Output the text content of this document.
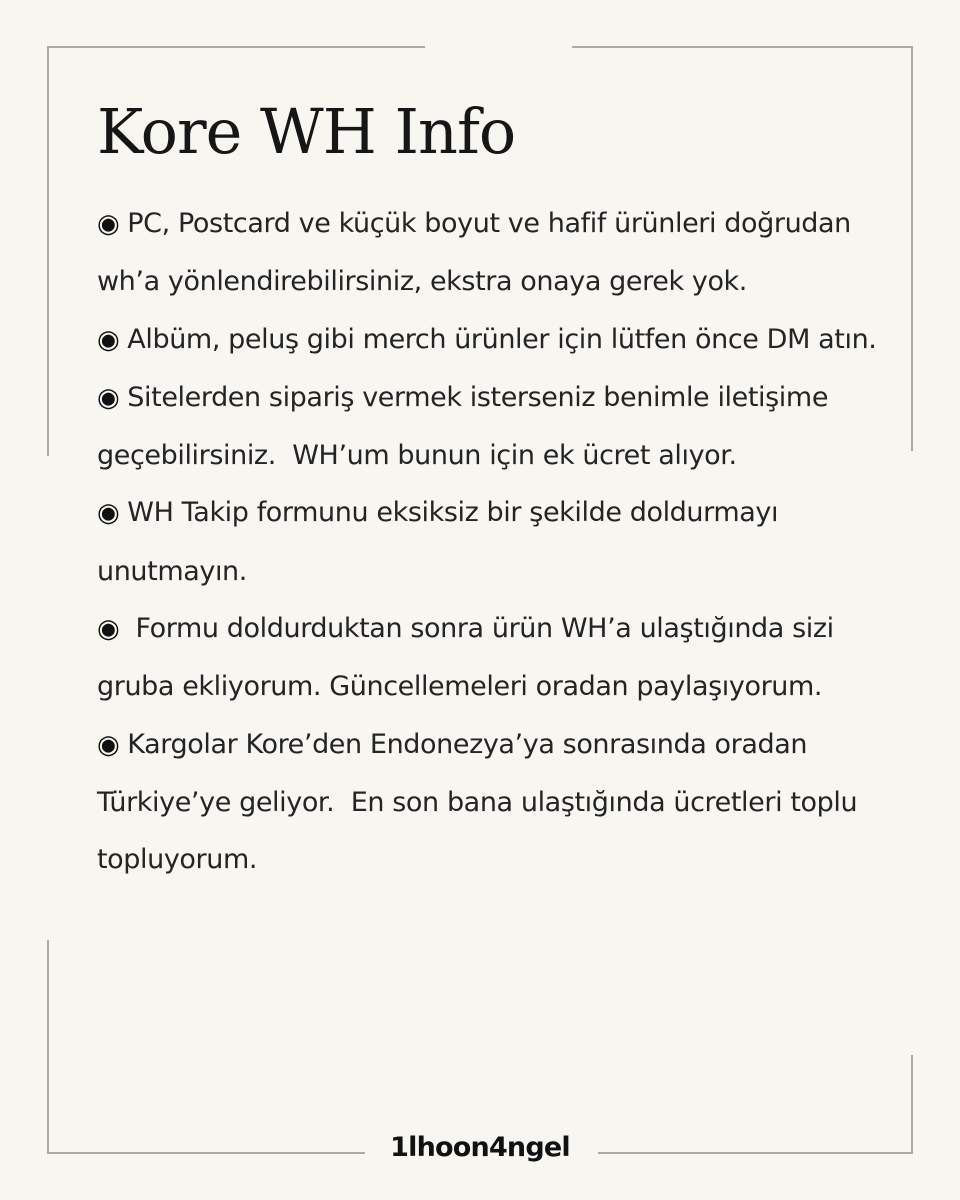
Kore WH Info

◉ PC, Postcard ve küçük boyut ve hafif ürünleri doğrudan wh’a yönlendirebilirsiniz, ekstra onaya gerek yok.

◉ Albüm, peluş gibi merch ürünler için lütfen önce DM atın.

◉ Sitelerden sipariş vermek isterseniz benimle iletişime geçebilirsiniz.  WH’um bunun için ek ücret alıyor.

◉ WH Takip formunu eksiksiz bir şekilde doldurmayı unutmayın.

◉ Formu doldurduktan sonra ürün WH’a ulaştığında sizi gruba ekliyorum. Güncellemeleri oradan paylaşıyorum.

◉ Kargolar Kore’den Endonezya’ya sonrasında oradan Türkiye’ye geliyor.  En son bana ulaştığında ücretleri toplu topluyorum.

1lhoon4ngel
